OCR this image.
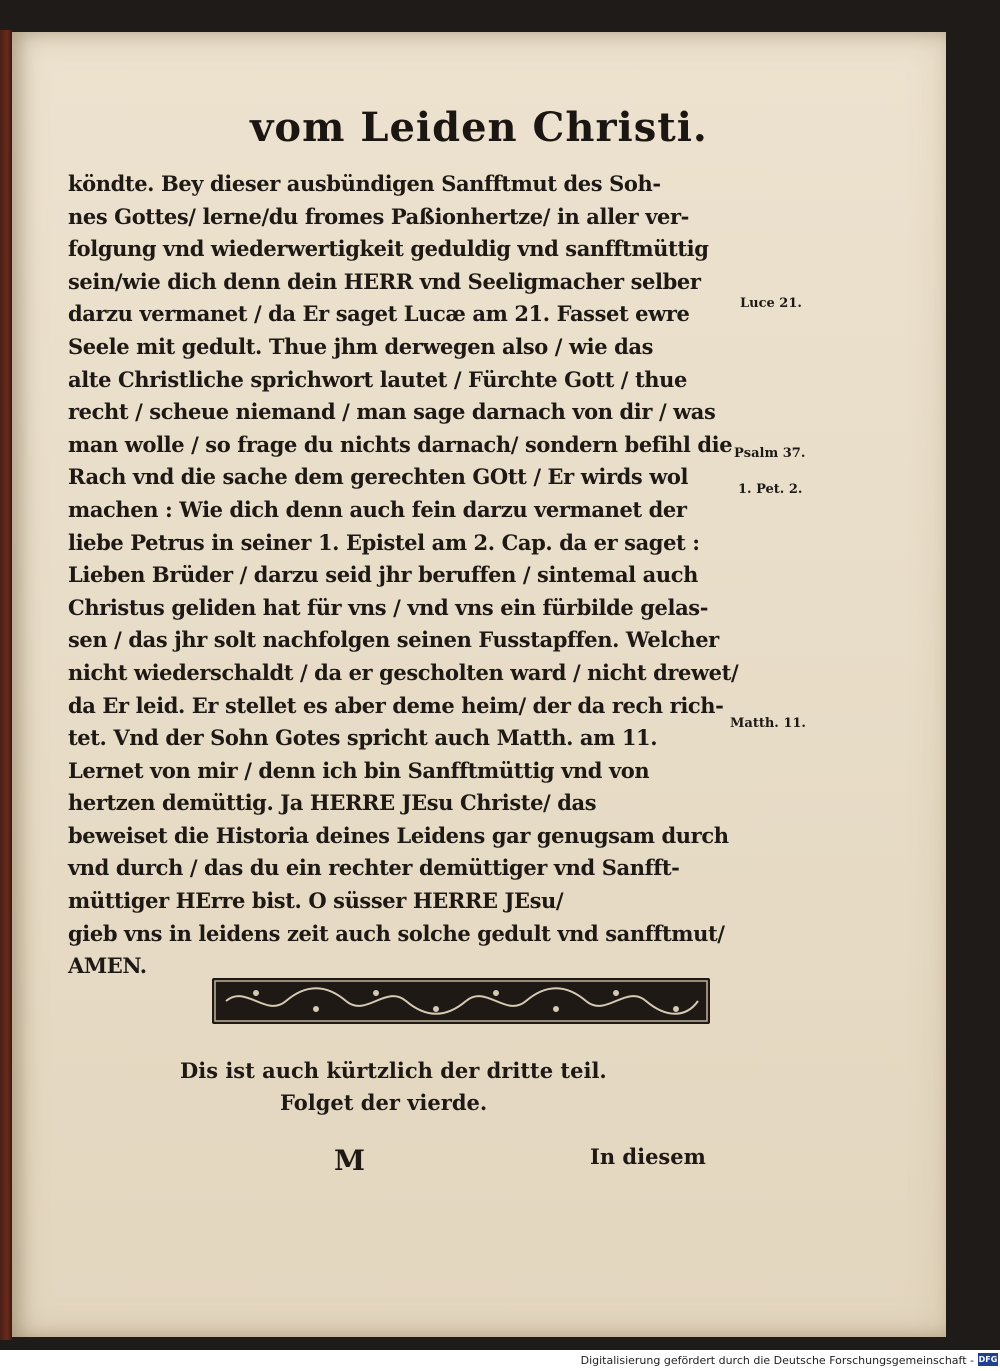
vom Leiden Christi.
köndte. Bey dieser ausbündigen Sanfftmut des Soh-
nes Gottes/ lerne/du fromes Paßionhertze/ in aller ver-
folgung vnd wiederwertigkeit geduldig vnd sanfftmüttig
sein/wie dich denn dein HERR vnd Seeligmacher selber
darzu vermanet / da Er saget Lucæ am 21. Fasset ewre
Seele mit gedult. Thue jhm derwegen also / wie das
alte Christliche sprichwort lautet / Fürchte Gott / thue
recht / scheue niemand / man sage darnach von dir / was
man wolle / so frage du nichts darnach/ sondern befihl die
Rach vnd die sache dem gerechten GOtt / Er wirds wol
machen : Wie dich denn auch fein darzu vermanet der
liebe Petrus in seiner 1. Epistel am 2. Cap. da er saget :
Lieben Brüder / darzu seid jhr beruffen / sintemal auch
Christus geliden hat für vns / vnd vns ein fürbilde gelas-
sen / das jhr solt nachfolgen seinen Fusstapffen. Welcher
nicht wiederschaldt / da er gescholten ward / nicht drewet/
da Er leid. Er stellet es aber deme heim/ der da rech rich-
tet. Vnd der Sohn Gotes spricht auch Matth. am 11.
Lernet von mir / denn ich bin Sanfftmüttig vnd von
hertzen demüttig. Ja HERRE JEsu Christe/ das
beweiset die Historia deines Leidens gar genugsam durch
vnd durch / das du ein rechter demüttiger vnd Sanfft-
müttiger HErre bist. O süsser HERRE JEsu/
gieb vns in leidens zeit auch solche gedult vnd sanfftmut/
AMEN.
Luce 21.
Psalm 37.
1. Pet. 2.
Matth. 11.
Dis ist auch kürtzlich der dritte teil.
Folget der vierde.
M	In diesem
Digitalisierung gefördert durch die Deutsche Forschungsgemeinschaft - DFG
